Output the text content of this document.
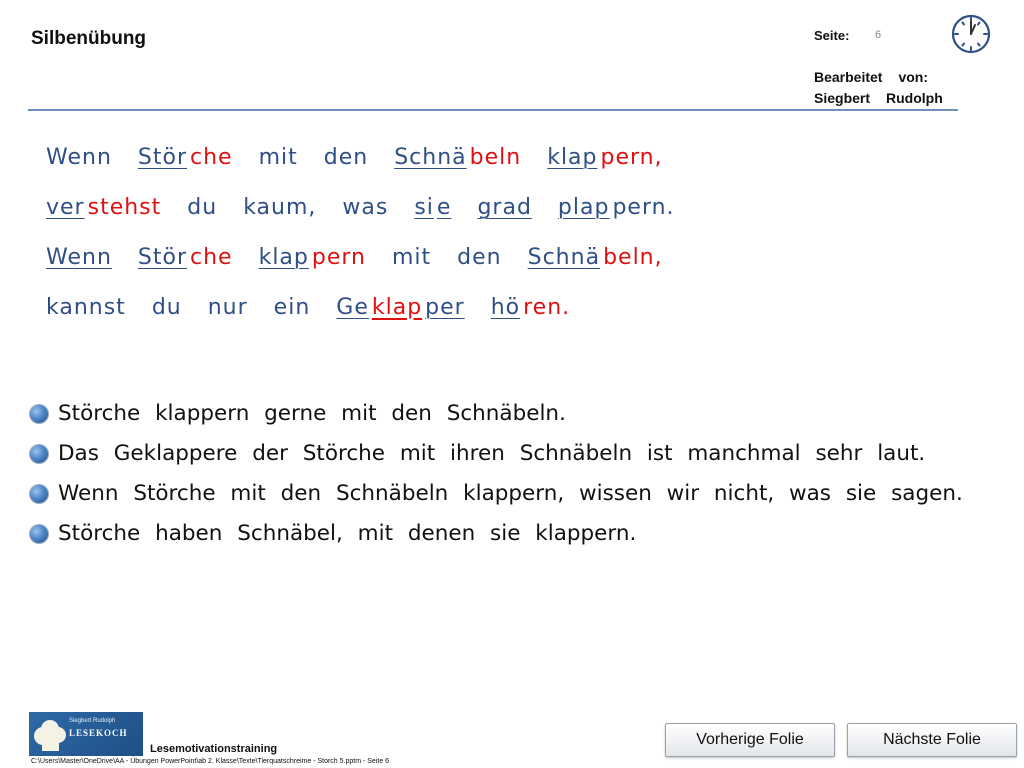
Silbenübung	Seite: 6
Bearbeitet von:
Siegbert Rudolph
Wenn Stör che mit den Schnä beln klap pern,
ver stehst du kaum, was si e grad plap pern.
Wenn Stör che klap pern mit den Schnä beln,
kannst du nur ein Ge klap per hö ren.
Störche klappern gerne mit den Schnäbeln.
Das Geklappere der Störche mit ihren Schnäbeln ist manchmal sehr laut.
Wenn Störche mit den Schnäbeln klappern, wissen wir nicht, was sie sagen.
Störche haben Schnäbel, mit denen sie klappern.
Siegbert Rudolph
LESEKOCH
Lesemotivationstraining
C:\Users\Master\OneDrive\AA - Übungen PowerPoint\ab 2. Klasse\Texte\Tierquatschreime - Storch 5.pptm - Seite 6
Vorherige Folie	Nächste Folie
